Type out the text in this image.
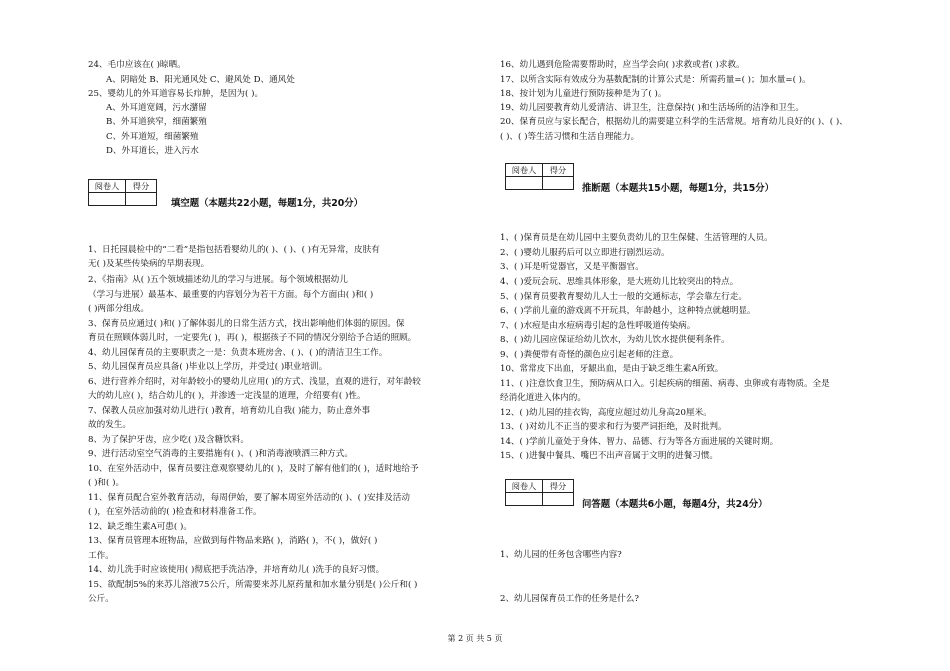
24、毛巾应该在( )晾晒。
A、阴暗处 B、阳光通风处 C、避风处 D、通风处
25、婴幼儿的外耳道容易长疖肿，是因为( )。
A、外耳道宽阔，污水潴留
B、外耳道狭窄，细菌繁殖
C、外耳道短，细菌繁殖
D、外耳道长，进入污水
阅卷人	得分

填空题（本题共22小题，每题1分，共20分）
1、日托园晨检中的“二看”是指包括看婴幼儿的( )、( )、( )有无异常，皮肤有
无( )及某些传染病的早期表现。
2、《指南》从( )五个领域描述幼儿的学习与进展。每个领域根据幼儿
（学习与进展）最基本、最重要的内容划分为若干方面。每个方面由( )和( )
( )两部分组成。
3、保育员应通过( )和( )了解体弱儿的日常生活方式，找出影响他们体弱的原因。保
育员在照顾体弱儿时，一定要先( )，再( )，根据孩子不同的情况分别给予合适的照顾。
4、幼儿园保育员的主要职责之一是：负责本班房舍、( )、( )的清洁卫生工作。
5、幼儿园保育员应具备( )毕业以上学历，并受过( )职业培训。
6、进行营养介绍时，对年龄较小的婴幼儿应用( )的方式、浅显，直观的进行，对年龄较
大的幼儿应( )，结合幼儿的( )，并渗透一定浅显的道理，介绍要有( )性。
7、保教人员应加强对幼儿进行( )教育，培育幼儿自我( )能力，防止意外事
故的发生。
8、为了保护牙齿，应少吃( )及含糖饮料。
9、进行活动室空气消毒的主要措施有( )、( )和消毒液喷洒三种方式。
10、在室外活动中，保育员要注意观察婴幼儿的( )，及时了解有他们的( )，适时地给予
( )和( )。
11、保育员配合室外教育活动，每周伊始，要了解本周室外活动的( )、( )安排及活动
( )，在室外活动前的( )检查和材料准备工作。
12、缺乏维生素A可患( )。
13、保育员管理本班物品，应做到每件物品来路( )，消路( )，不( )，做好( )
工作。
14、幼儿洗手时应该使用( )彻底把手洗洁净，并培育幼儿( )洗手的良好习惯。
15、欲配制5%的来苏儿溶液75公斤，所需要来苏儿原药量和加水量分别是( )公斤和( )
公斤。
16、幼儿遇到危险需要帮助时，应当学会向( )求救或者( )求救。
17、以所含实际有效成分为基数配制的计算公式是：所需药量=( )；加水量=( )。
18、按计划为儿童进行预防接种是为了( )。
19、幼儿园要教育幼儿爱清洁、讲卫生，注意保持( )和生活场所的洁净和卫生。
20、保育员应与家长配合，根据幼儿的需要建立科学的生活常规。培育幼儿良好的( )、( )、
( )、( )等生活习惯和生活自理能力。
阅卷人	得分

推断题（本题共15小题，每题1分，共15分）
1、( )保育员是在幼儿园中主要负责幼儿的卫生保健、生活管理的人员。
2、( )婴幼儿服药后可以立即进行剧烈运动。
3、( )耳是听觉器官，又是平衡器官。
4、( )爱玩会玩、思维具体形象，是大班幼儿比较突出的特点。
5、( )保育员要教育婴幼儿人士一般的交通标志，学会靠左行走。
6、( )学前儿童的游戏离不开玩具，年龄越小，这种特点就越明显。
7、( )水痘是由水痘病毒引起的急性呼吸道传染病。
8、( )幼儿园应保证给幼儿饮水，为幼儿饮水提供便利条件。
9、( )粪便带有奇怪的颜色应引起老师的注意。
10、常常皮下出血，牙龈出血，是由于缺乏维生素A所致。
11、( )注意饮食卫生，预防病从口入。引起疾病的细菌、病毒、虫卵或有毒物质。全是
经消化道进入体内的。
12、( )幼儿园的挂衣钩，高度应超过幼儿身高20厘米。
13、( )对幼儿不正当的要求和行为要严词拒绝，及时批判。
14、( )学前儿童处于身体、智力、品德、行为等各方面进展的关键时期。
15、( )进餐中餐具、嘴巴不出声音属于文明的进餐习惯。
阅卷人	得分

问答题（本题共6小题，每题4分，共24分）
1、幼儿园的任务包含哪些内容?
2、幼儿园保育员工作的任务是什么?
第 2 页 共 5 页
